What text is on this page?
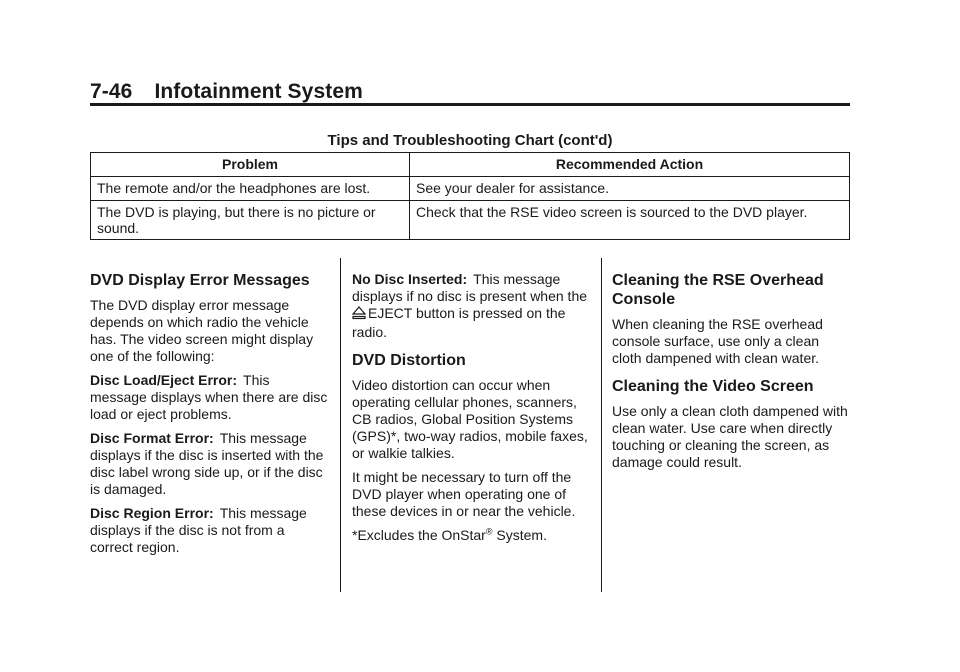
7-46 Infotainment System
Tips and Troubleshooting Chart (cont'd)
Problem	Recommended Action
The remote and/or the headphones are lost.	See your dealer for assistance.
The DVD is playing, but there is no picture or sound.	Check that the RSE video screen is sourced to the DVD player.
DVD Display Error Messages

The DVD display error message depends on which radio the vehicle has. The video screen might display one of the following:

Disc Load/Eject Error: This message displays when there are disc load or eject problems.

Disc Format Error: This message displays if the disc is inserted with the disc label wrong side up, or if the disc is damaged.

Disc Region Error: This message displays if the disc is not from a correct region.

No Disc Inserted: This message displays if no disc is present when the EJECT button is pressed on the radio.

DVD Distortion

Video distortion can occur when operating cellular phones, scanners, CB radios, Global Position Systems (GPS)*, two-way radios, mobile faxes, or walkie talkies.

It might be necessary to turn off the DVD player when operating one of these devices in or near the vehicle.

*Excludes the OnStar® System.

Cleaning the RSE Overhead Console

When cleaning the RSE overhead console surface, use only a clean cloth dampened with clean water.

Cleaning the Video Screen

Use only a clean cloth dampened with clean water. Use care when directly touching or cleaning the screen, as damage could result.
